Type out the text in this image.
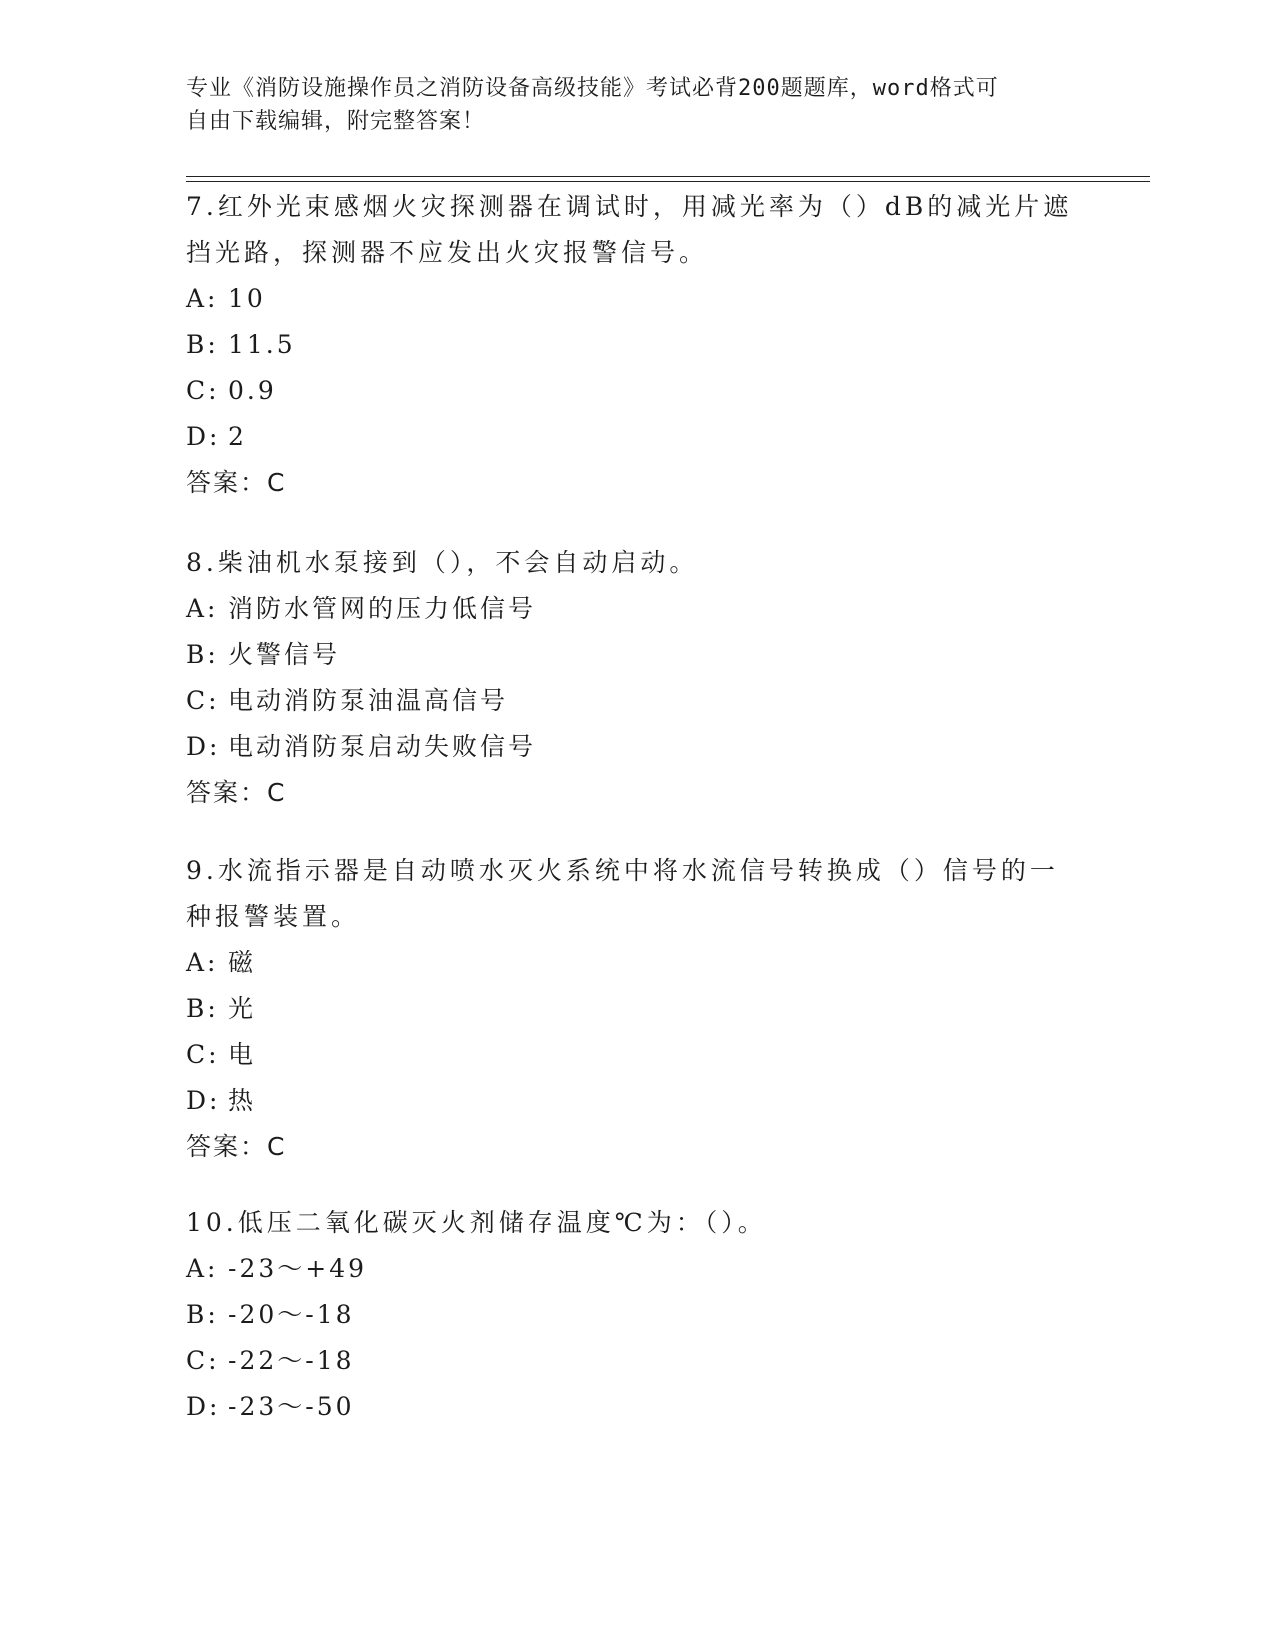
专业《消防设施操作员之消防设备高级技能》考试必背200题题库，word格式可
自由下载编辑，附完整答案！
7.红外光束感烟火灾探测器在调试时，用减光率为（）dB的减光片遮
挡光路，探测器不应发出火灾报警信号。
A: 10
B: 11.5
C: 0.9
D: 2
答案：C
8.柴油机水泵接到（），不会自动启动。
A: 消防水管网的压力低信号
B: 火警信号
C: 电动消防泵油温高信号
D: 电动消防泵启动失败信号
答案：C
9.水流指示器是自动喷水灭火系统中将水流信号转换成（）信号的一
种报警装置。
A: 磁
B: 光
C: 电
D: 热
答案：C
10.低压二氧化碳灭火剂储存温度℃为：（）。
A: -23～+49
B: -20～-18
C: -22～-18
D: -23～-50
